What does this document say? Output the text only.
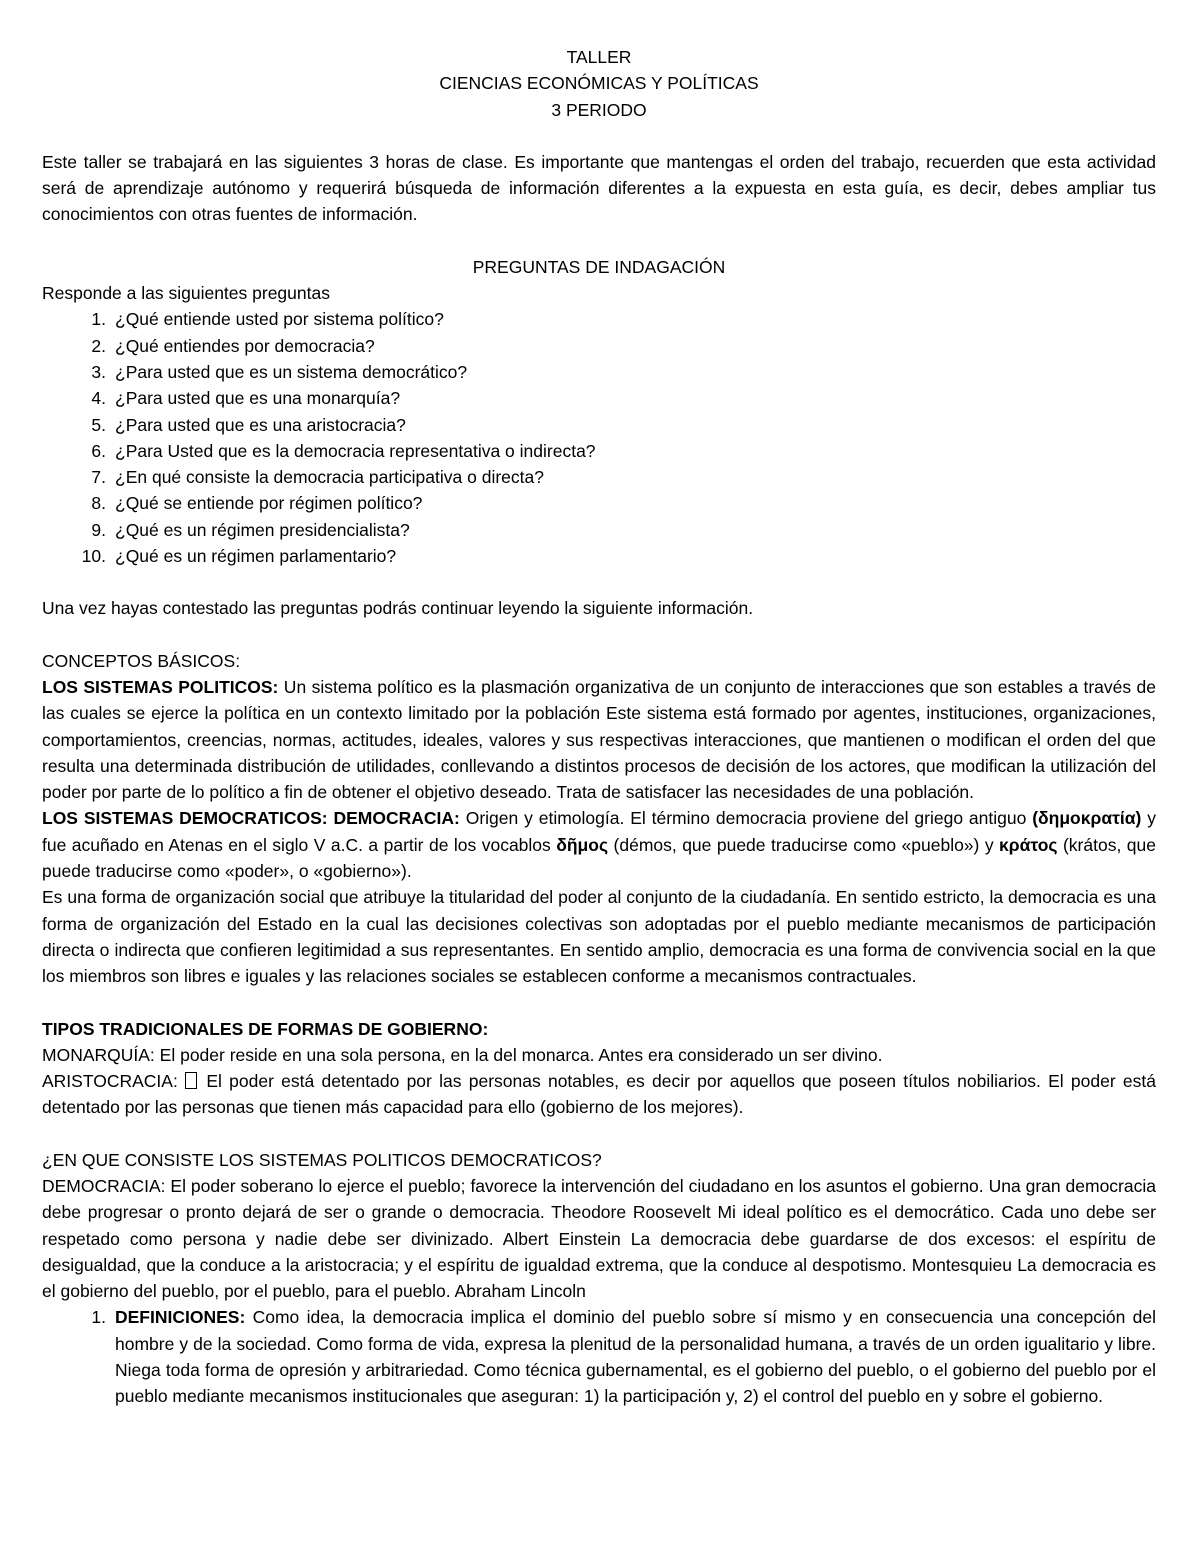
TALLER

CIENCIAS ECONÓMICAS Y POLÍTICAS

3 PERIODO

Este taller se trabajará en las siguientes 3 horas de clase. Es importante que mantengas el orden del trabajo, recuerden que esta actividad será de aprendizaje autónomo y requerirá búsqueda de información diferentes a la expuesta en esta guía, es decir, debes ampliar tus conocimientos con otras fuentes de información.

PREGUNTAS DE INDAGACIÓN

Responde a las siguientes preguntas

1. ¿Qué entiende usted por sistema político?
2. ¿Qué entiendes por democracia?
3. ¿Para usted que es un sistema democrático?
4. ¿Para usted que es una monarquía?
5. ¿Para usted que es una aristocracia?
6. ¿Para Usted que es la democracia representativa o indirecta?
7. ¿En qué consiste la democracia participativa o directa?
8. ¿Qué se entiende por régimen político?
9. ¿Qué es un régimen presidencialista?
10. ¿Qué es un régimen parlamentario?

Una vez hayas contestado las preguntas podrás continuar leyendo la siguiente información.

CONCEPTOS BÁSICOS:

LOS SISTEMAS POLITICOS: Un sistema político es la plasmación organizativa de un conjunto de interacciones que son estables a través de las cuales se ejerce la política en un contexto limitado por la población Este sistema está formado por agentes, instituciones, organizaciones, comportamientos, creencias, normas, actitudes, ideales, valores y sus respectivas interacciones, que mantienen o modifican el orden del que resulta una determinada distribución de utilidades, conllevando a distintos procesos de decisión de los actores, que modifican la utilización del poder por parte de lo político a fin de obtener el objetivo deseado. Trata de satisfacer las necesidades de una población.

LOS SISTEMAS DEMOCRATICOS: DEMOCRACIA: Origen y etimología. El término democracia proviene del griego antiguo (δημοκρατία) y fue acuñado en Atenas en el siglo V a.C. a partir de los vocablos δῆμος (démos, que puede traducirse como «pueblo») y κράτος (krátos, que puede traducirse como «poder», o «gobierno»).

Es una forma de organización social que atribuye la titularidad del poder al conjunto de la ciudadanía. En sentido estricto, la democracia es una forma de organización del Estado en la cual las decisiones colectivas son adoptadas por el pueblo mediante mecanismos de participación directa o indirecta que confieren legitimidad a sus representantes. En sentido amplio, democracia es una forma de convivencia social en la que los miembros son libres e iguales y las relaciones sociales se establecen conforme a mecanismos contractuales.

TIPOS TRADICIONALES DE FORMAS DE GOBIERNO:

MONARQUÍA: El poder reside en una sola persona, en la del monarca. Antes era considerado un ser divino.

ARISTOCRACIA:  El poder está detentado por las personas notables, es decir por aquellos que poseen títulos nobiliarios. El poder está detentado por las personas que tienen más capacidad para ello (gobierno de los mejores).

¿EN QUE CONSISTE LOS SISTEMAS POLITICOS DEMOCRATICOS?

DEMOCRACIA: El poder soberano lo ejerce el pueblo; favorece la intervención del ciudadano en los asuntos el gobierno. Una gran democracia debe progresar o pronto dejará de ser o grande o democracia. Theodore Roosevelt Mi ideal político es el democrático. Cada uno debe ser respetado como persona y nadie debe ser divinizado. Albert Einstein La democracia debe guardarse de dos excesos: el espíritu de desigualdad, que la conduce a la aristocracia; y el espíritu de igualdad extrema, que la conduce al despotismo. Montesquieu La democracia es el gobierno del pueblo, por el pueblo, para el pueblo. Abraham Lincoln

1. DEFINICIONES: Como idea, la democracia implica el dominio del pueblo sobre sí mismo y en consecuencia una concepción del hombre y de la sociedad. Como forma de vida, expresa la plenitud de la personalidad humana, a través de un orden igualitario y libre. Niega toda forma de opresión y arbitrariedad. Como técnica gubernamental, es el gobierno del pueblo, o el gobierno del pueblo por el pueblo mediante mecanismos institucionales que aseguran: 1) la participación y, 2) el control del pueblo en y sobre el gobierno.
